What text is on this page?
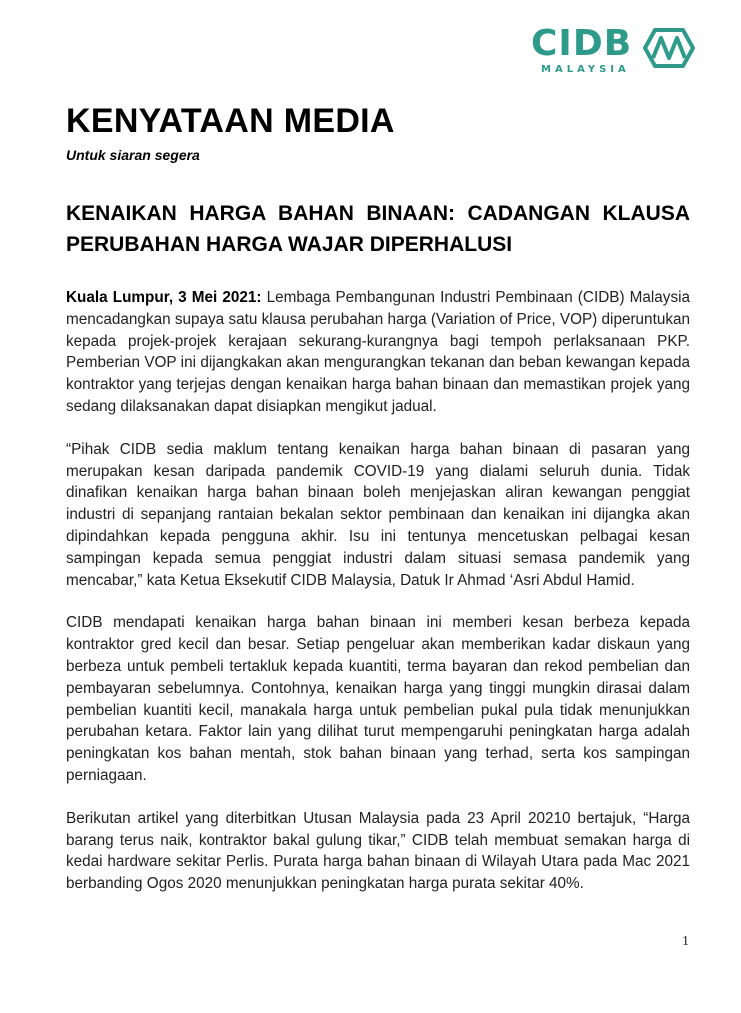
CIDB
MALAYSIA
KENYATAAN MEDIA
Untuk siaran segera
KENAIKAN HARGA BAHAN BINAAN: CADANGAN KLAUSA PERUBAHAN HARGA WAJAR DIPERHALUSI

Kuala Lumpur, 3 Mei 2021: Lembaga Pembangunan Industri Pembinaan (CIDB) Malaysia mencadangkan supaya satu klausa perubahan harga (Variation of Price, VOP) diperuntukan kepada projek-projek kerajaan sekurang-kurangnya bagi tempoh perlaksanaan PKP. Pemberian VOP ini dijangkakan akan mengurangkan tekanan dan beban kewangan kepada kontraktor yang terjejas dengan kenaikan harga bahan binaan dan memastikan projek yang sedang dilaksanakan dapat disiapkan mengikut jadual.

“Pihak CIDB sedia maklum tentang kenaikan harga bahan binaan di pasaran yang merupakan kesan daripada pandemik COVID-19 yang dialami seluruh dunia. Tidak dinafikan kenaikan harga bahan binaan boleh menjejaskan aliran kewangan penggiat industri di sepanjang rantaian bekalan sektor pembinaan dan kenaikan ini dijangka akan dipindahkan kepada pengguna akhir. Isu ini tentunya mencetuskan pelbagai kesan sampingan kepada semua penggiat industri dalam situasi semasa pandemik yang mencabar,” kata Ketua Eksekutif CIDB Malaysia, Datuk Ir Ahmad ‘Asri Abdul Hamid.

CIDB mendapati kenaikan harga bahan binaan ini memberi kesan berbeza kepada kontraktor gred kecil dan besar. Setiap pengeluar akan memberikan kadar diskaun yang berbeza untuk pembeli tertakluk kepada kuantiti, terma bayaran dan rekod pembelian dan pembayaran sebelumnya. Contohnya, kenaikan harga yang tinggi mungkin dirasai dalam pembelian kuantiti kecil, manakala harga untuk pembelian pukal pula tidak menunjukkan perubahan ketara. Faktor lain yang dilihat turut mempengaruhi peningkatan harga adalah peningkatan kos bahan mentah, stok bahan binaan yang terhad, serta kos sampingan perniagaan.

Berikutan artikel yang diterbitkan Utusan Malaysia pada 23 April 20210 bertajuk, “Harga barang terus naik, kontraktor bakal gulung tikar,” CIDB telah membuat semakan harga di kedai hardware sekitar Perlis. Purata harga bahan binaan di Wilayah Utara pada Mac 2021 berbanding Ogos 2020 menunjukkan peningkatan harga purata sekitar 40%.

1
